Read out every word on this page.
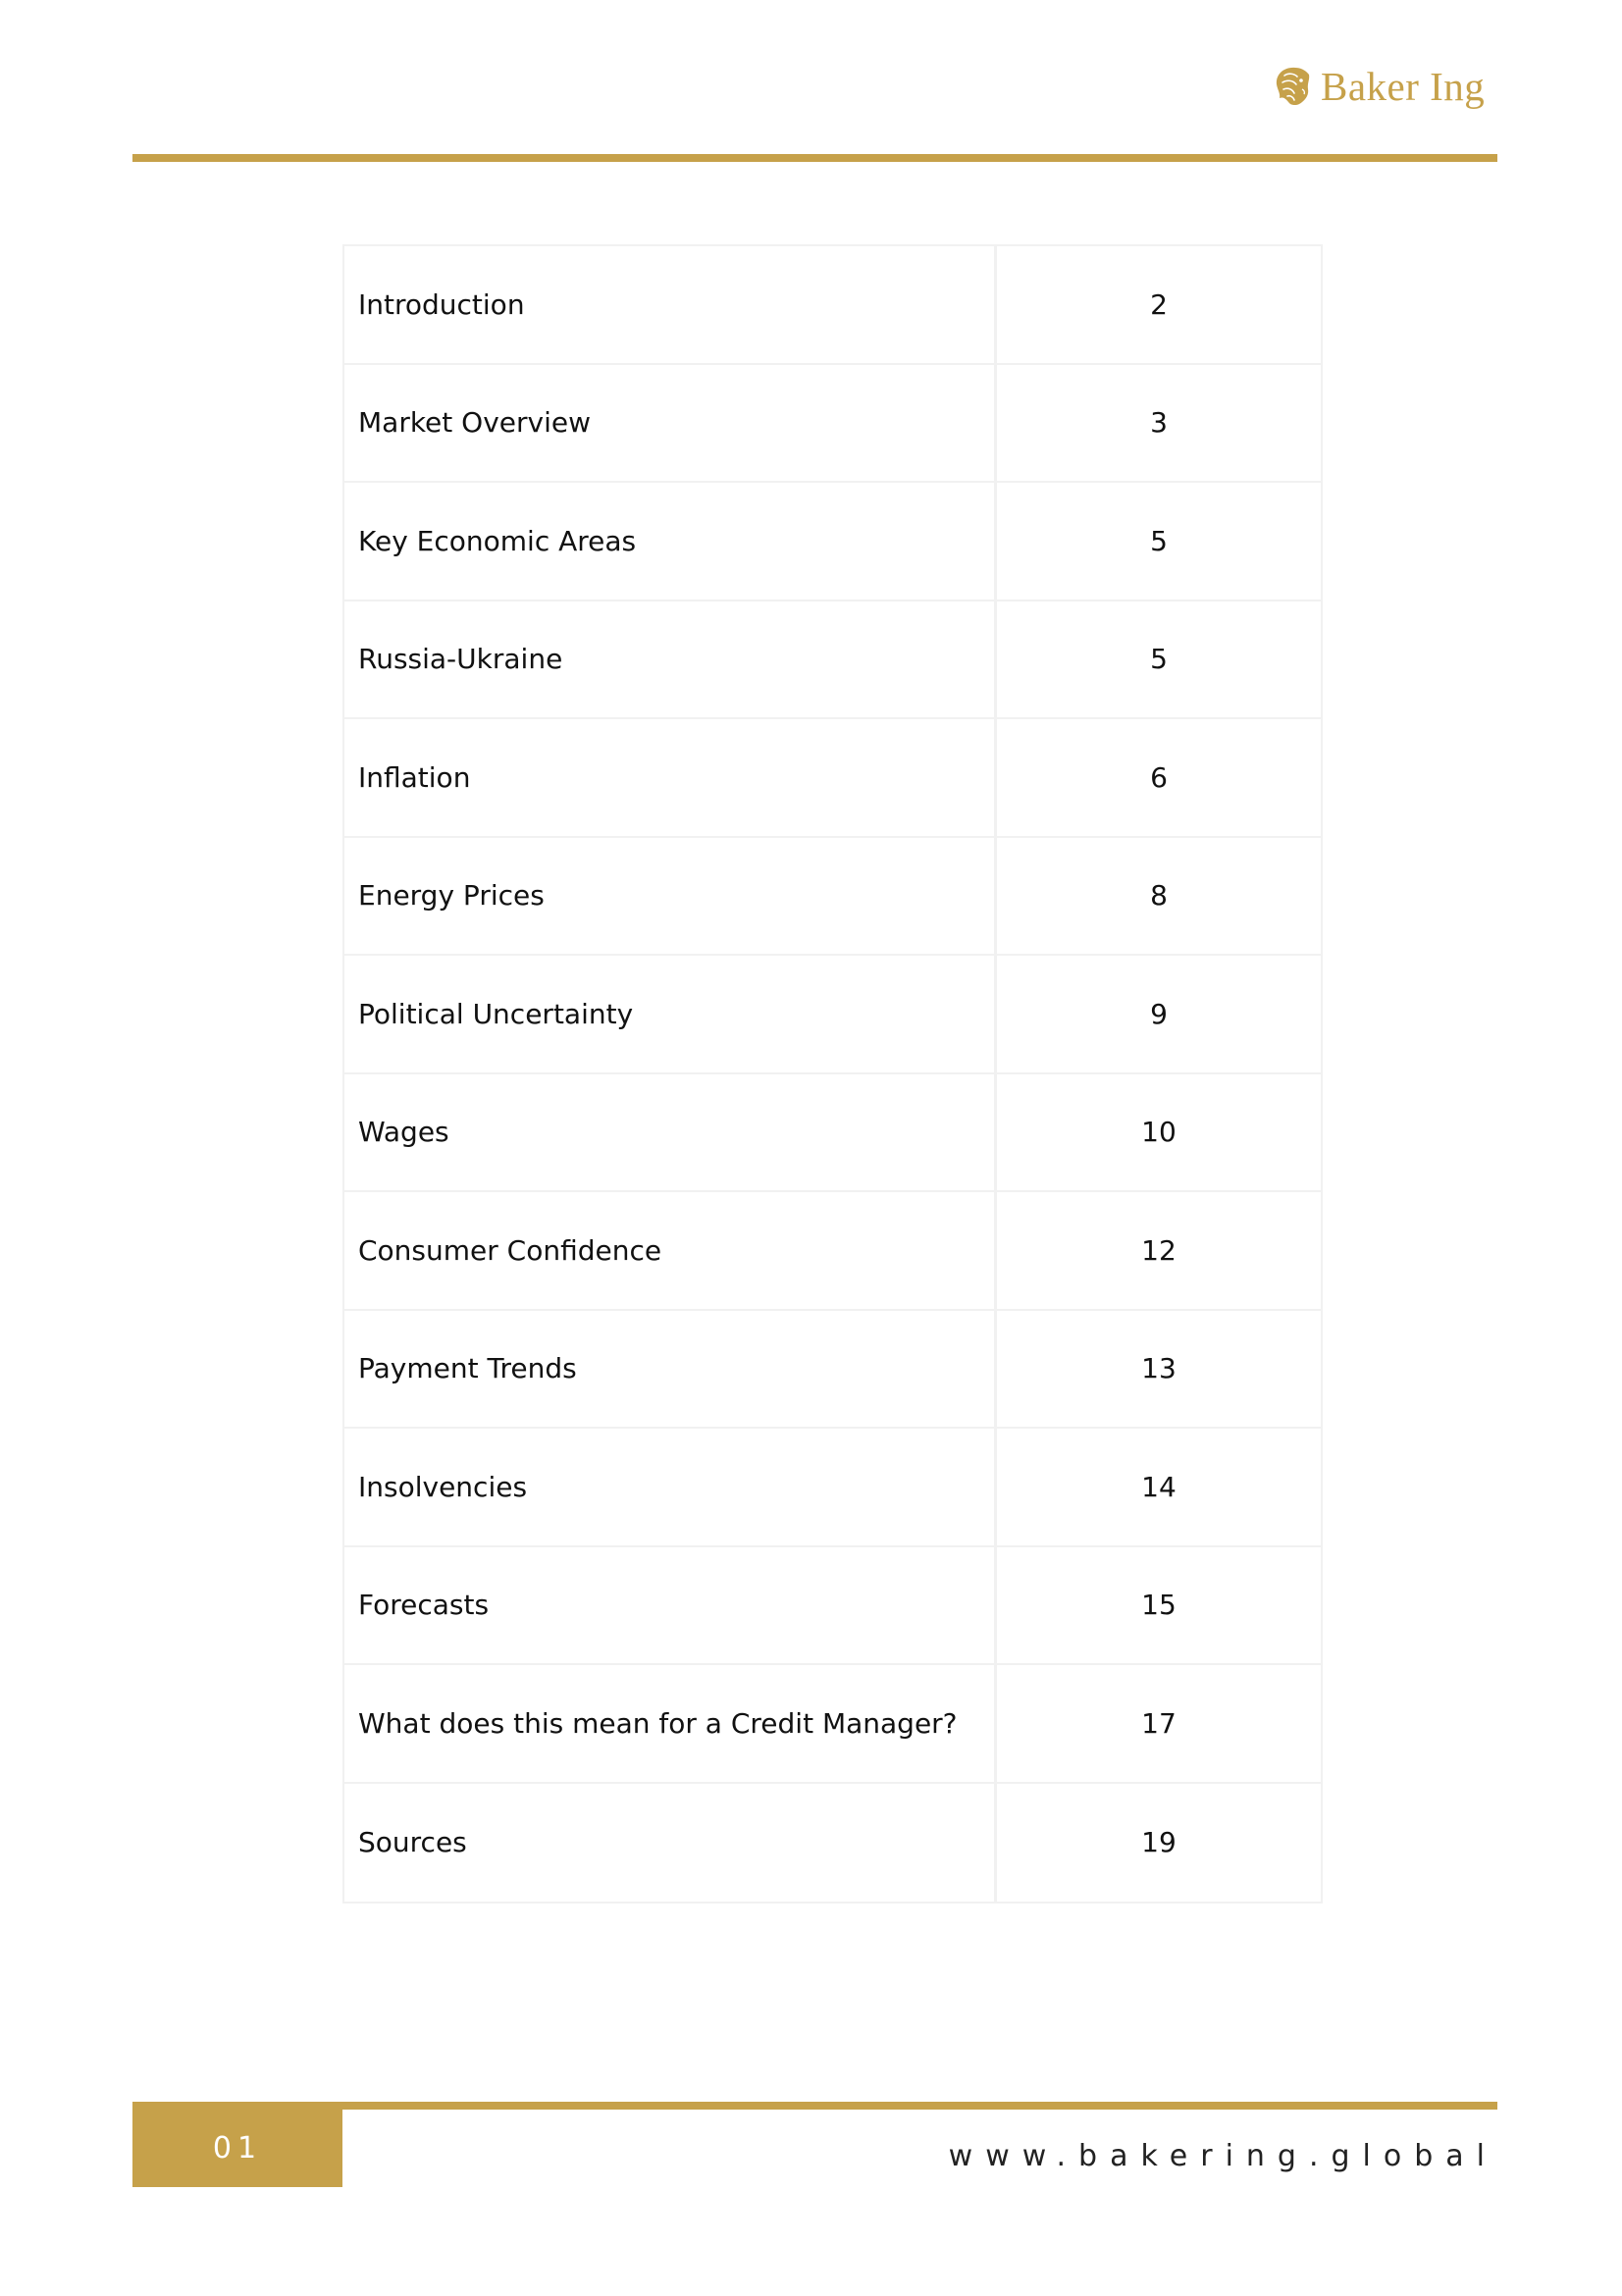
Baker Ing
Introduction	2
Market Overview	3
Key Economic Areas	5
Russia-Ukraine	5
Inflation	6
Energy Prices	8
Political Uncertainty	9
Wages	10
Consumer Confidence	12
Payment Trends	13
Insolvencies	14
Forecasts	15
What does this mean for a Credit Manager?	17
Sources	19
01	www.bakering.global
